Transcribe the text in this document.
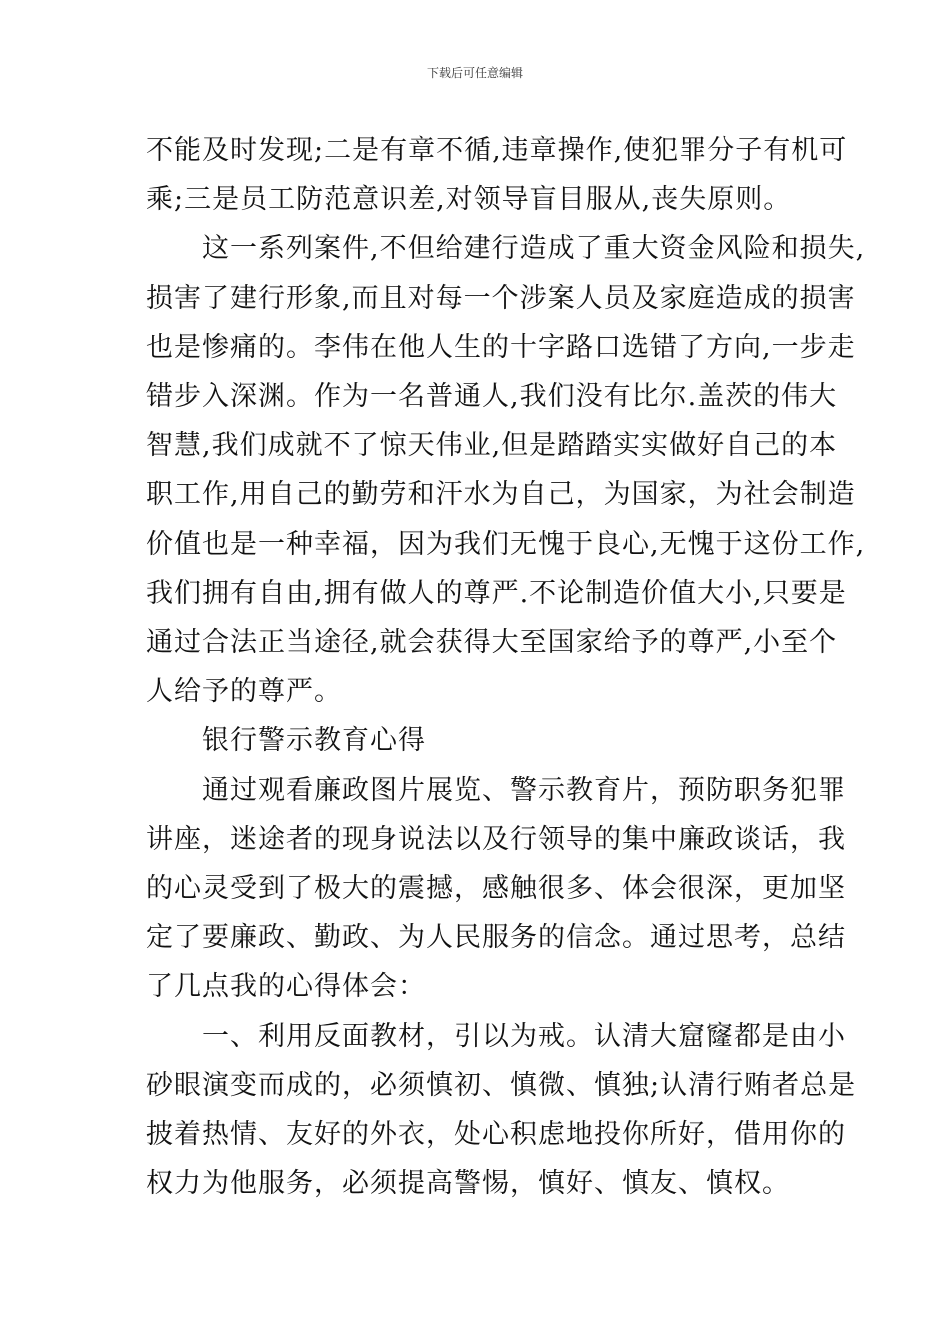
下载后可任意编辑

不能及时发现;二是有章不循,违章操作,使犯罪分子有机可
乘;三是员工防范意识差,对领导盲目服从,丧失原则。

这一系列案件,不但给建行造成了重大资金风险和损失,
损害了建行形象,而且对每一个涉案人员及家庭造成的损害
也是惨痛的。李伟在他人生的十字路口选错了方向,一步走
错步入深渊。作为一名普通人,我们没有比尔.盖茨的伟大
智慧,我们成就不了惊天伟业,但是踏踏实实做好自己的本
职工作,用自己的勤劳和汗水为自己，为国家，为社会制造
价值也是一种幸福，因为我们无愧于良心,无愧于这份工作,
我们拥有自由,拥有做人的尊严.不论制造价值大小,只要是
通过合法正当途径,就会获得大至国家给予的尊严,小至个
人给予的尊严。

银行警示教育心得

通过观看廉政图片展览、警示教育片，预防职务犯罪
讲座，迷途者的现身说法以及行领导的集中廉政谈话，我
的心灵受到了极大的震撼，感触很多、体会很深，更加坚
定了要廉政、勤政、为人民服务的信念。通过思考，总结
了几点我的心得体会：

一、利用反面教材，引以为戒。认清大窟窿都是由小
砂眼演变而成的，必须慎初、慎微、慎独;认清行贿者总是
披着热情、友好的外衣，处心积虑地投你所好，借用你的
权力为他服务，必须提高警惕，慎好、慎友、慎权。
